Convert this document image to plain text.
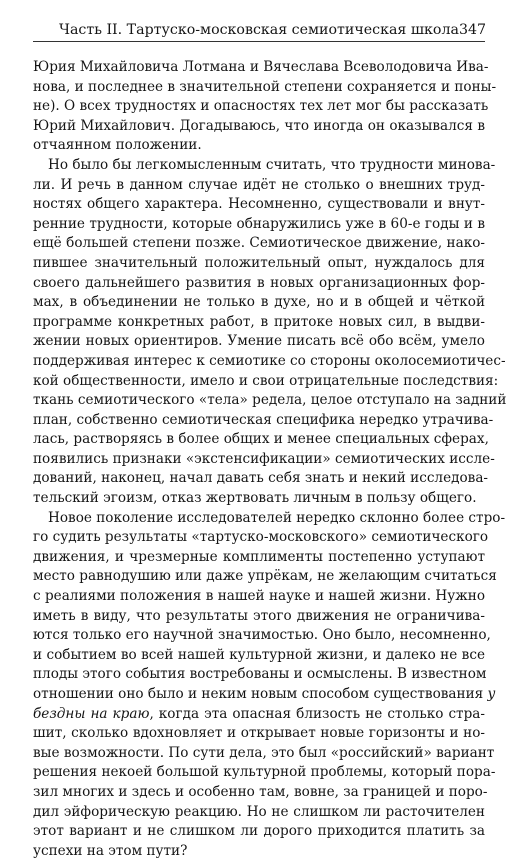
Часть II. Тартуско-московская семиотическая школа 347
Юрия Михайловича Лотмана и Вячеслава Всеволодовича Ива-
нова, и последнее в значительной степени сохраняется и поны-
не). О всех трудностях и опасностях тех лет мог бы рассказать
Юрий Михайлович. Догадываюсь, что иногда он оказывался в
отчаянном положении.
Но было бы легкомысленным считать, что трудности минова-
ли. И речь в данном случае идёт не столько о внешних труд-
ностях общего характера. Несомненно, существовали и внут-
ренние трудности, которые обнаружились уже в 60-е годы и в
ещё большей степени позже. Семиотическое движение, нако-
пившее значительный положительный опыт, нуждалось для
своего дальнейшего развития в новых организационных фор-
мах, в объединении не только в духе, но и в общей и чёткой
программе конкретных работ, в притоке новых сил, в выдви-
жении новых ориентиров. Умение писать всё обо всём, умело
поддерживая интерес к семиотике со стороны околосемиотичес-
кой общественности, имело и свои отрицательные последствия:
ткань семиотического «тела» редела, целое отступало на задний
план, собственно семиотическая специфика нередко утрачива-
лась, растворяясь в более общих и менее специальных сферах,
появились признаки «экстенсификации» семиотических иссле-
дований, наконец, начал давать себя знать и некий исследова-
тельский эгоизм, отказ жертвовать личным в пользу общего.
Новое поколение исследователей нередко склонно более стро-
го судить результаты «тартуско-московского» семиотического
движения, и чрезмерные комплименты постепенно уступают
место равнодушию или даже упрёкам, не желающим считаться
с реалиями положения в нашей науке и нашей жизни. Нужно
иметь в виду, что результаты этого движения не ограничива-
ются только его научной значимостью. Оно было, несомненно,
и событием во всей нашей культурной жизни, и далеко не все
плоды этого события востребованы и осмыслены. В известном
отношении оно было и неким новым способом существования у
бездны на краю, когда эта опасная близость не столько стра-
шит, сколько вдохновляет и открывает новые горизонты и но-
вые возможности. По сути дела, это был «российский» вариант
решения некоей большой культурной проблемы, который пора-
зил многих и здесь и особенно там, вовне, за границей и поро-
дил эйфорическую реакцию. Но не слишком ли расточителен
этот вариант и не слишком ли дорого приходится платить за
успехи на этом пути?
